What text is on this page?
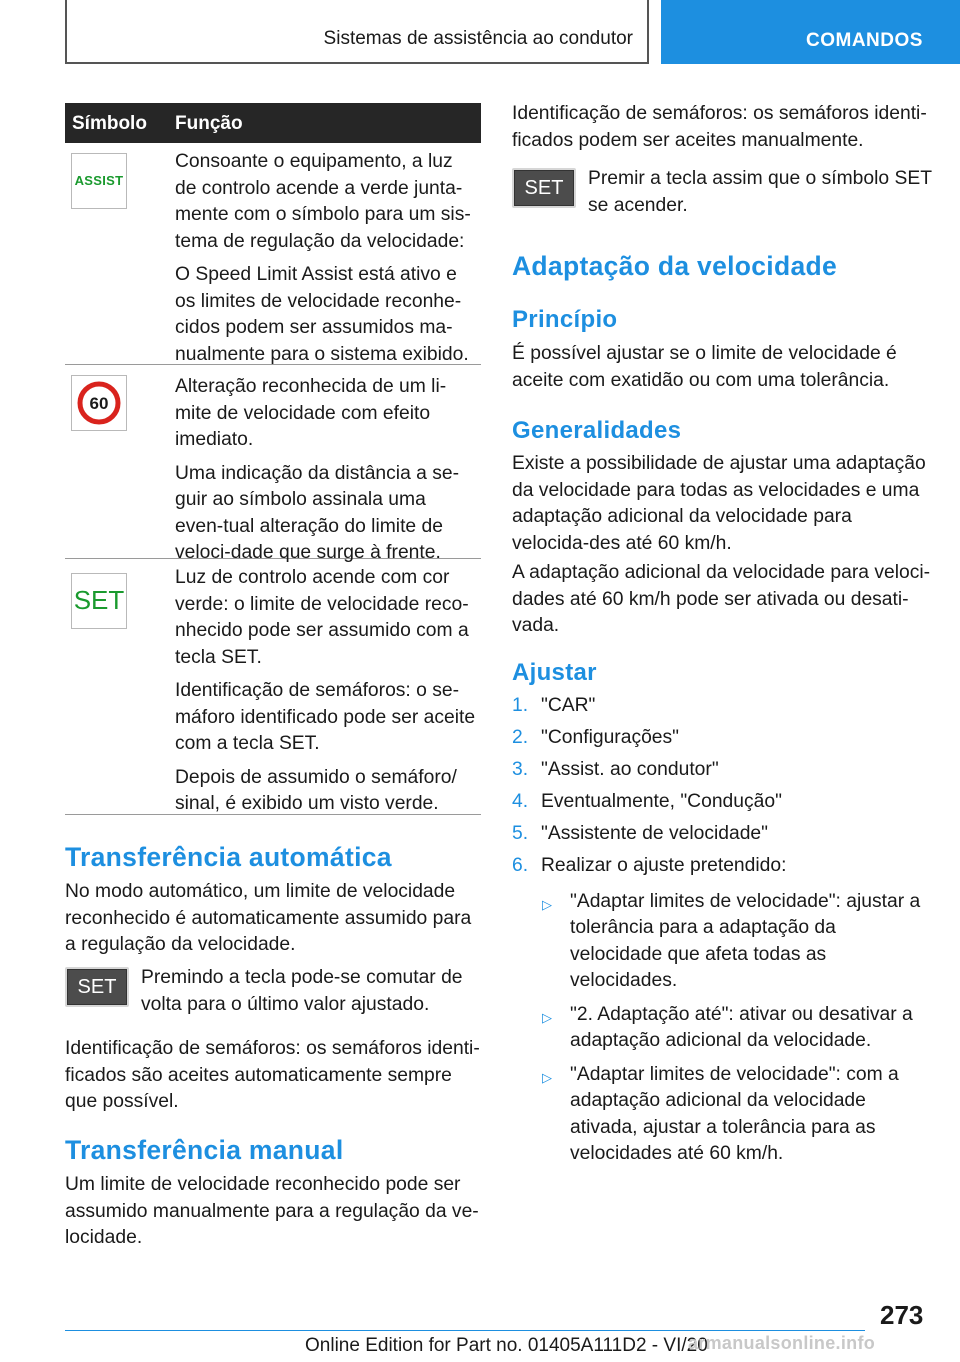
Sistemas de assistência ao condutor	COMANDOS
Símbolo Função
ASSIST

Consoante o equipamento, a luz de controlo acende a verde junta-mente com o símbolo para um sis-tema de regulação da velocidade:

O Speed Limit Assist está ativo e os limites de velocidade reconhe-cidos podem ser assumidos ma-nualmente para o sistema exibido.

60

Alteração reconhecida de um li-mite de velocidade com efeito imediato.

Uma indicação da distância a se-guir ao símbolo assinala uma even-tual alteração do limite de veloci-dade que surge à frente.

SET

Luz de controlo acende com cor verde: o limite de velocidade reco-nhecido pode ser assumido com a tecla SET.

Identificação de semáforos: o se-máforo identificado pode ser aceite com a tecla SET.

Depois de assumido o semáforo/ sinal, é exibido um visto verde.

Transferência automática
No modo automático, um limite de velocidade reconhecido é automaticamente assumido para a regulação da velocidade.
SET Premindo a tecla pode-se comutar de volta para o último valor ajustado.
Identificação de semáforos: os semáforos identi-ficados são aceites automaticamente sempre que possível.
Transferência manual
Um limite de velocidade reconhecido pode ser assumido manualmente para a regulação da ve-locidade.
Identificação de semáforos: os semáforos identi-ficados podem ser aceites manualmente.
SET Premir a tecla assim que o símbolo SET se acender.
Adaptação da velocidade
Princípio
É possível ajustar se o limite de velocidade é aceite com exatidão ou com uma tolerância.
Generalidades
Existe a possibilidade de ajustar uma adaptação da velocidade para todas as velocidades e uma adaptação adicional da velocidade para velocida-des até 60 km/h.
A adaptação adicional da velocidade para veloci-dades até 60 km/h pode ser ativada ou desati-vada.
Ajustar
1. "CAR"
2. "Configurações"
3. "Assist. ao condutor"
4. Eventualmente, "Condução"
5. "Assistente de velocidade"
6. Realizar o ajuste pretendido:
▷ "Adaptar limites de velocidade": ajustar a tolerância para a adaptação da velocidade que afeta todas as velocidades.
▷ "2. Adaptação até": ativar ou desativar a adaptação adicional da velocidade.
▷ "Adaptar limites de velocidade": com a adaptação adicional da velocidade ativada, ajustar a tolerância para as velocidades até 60 km/h.
273
Online Edition for Part no. 01405A111D2 - VI/20
armanualsonline.info
